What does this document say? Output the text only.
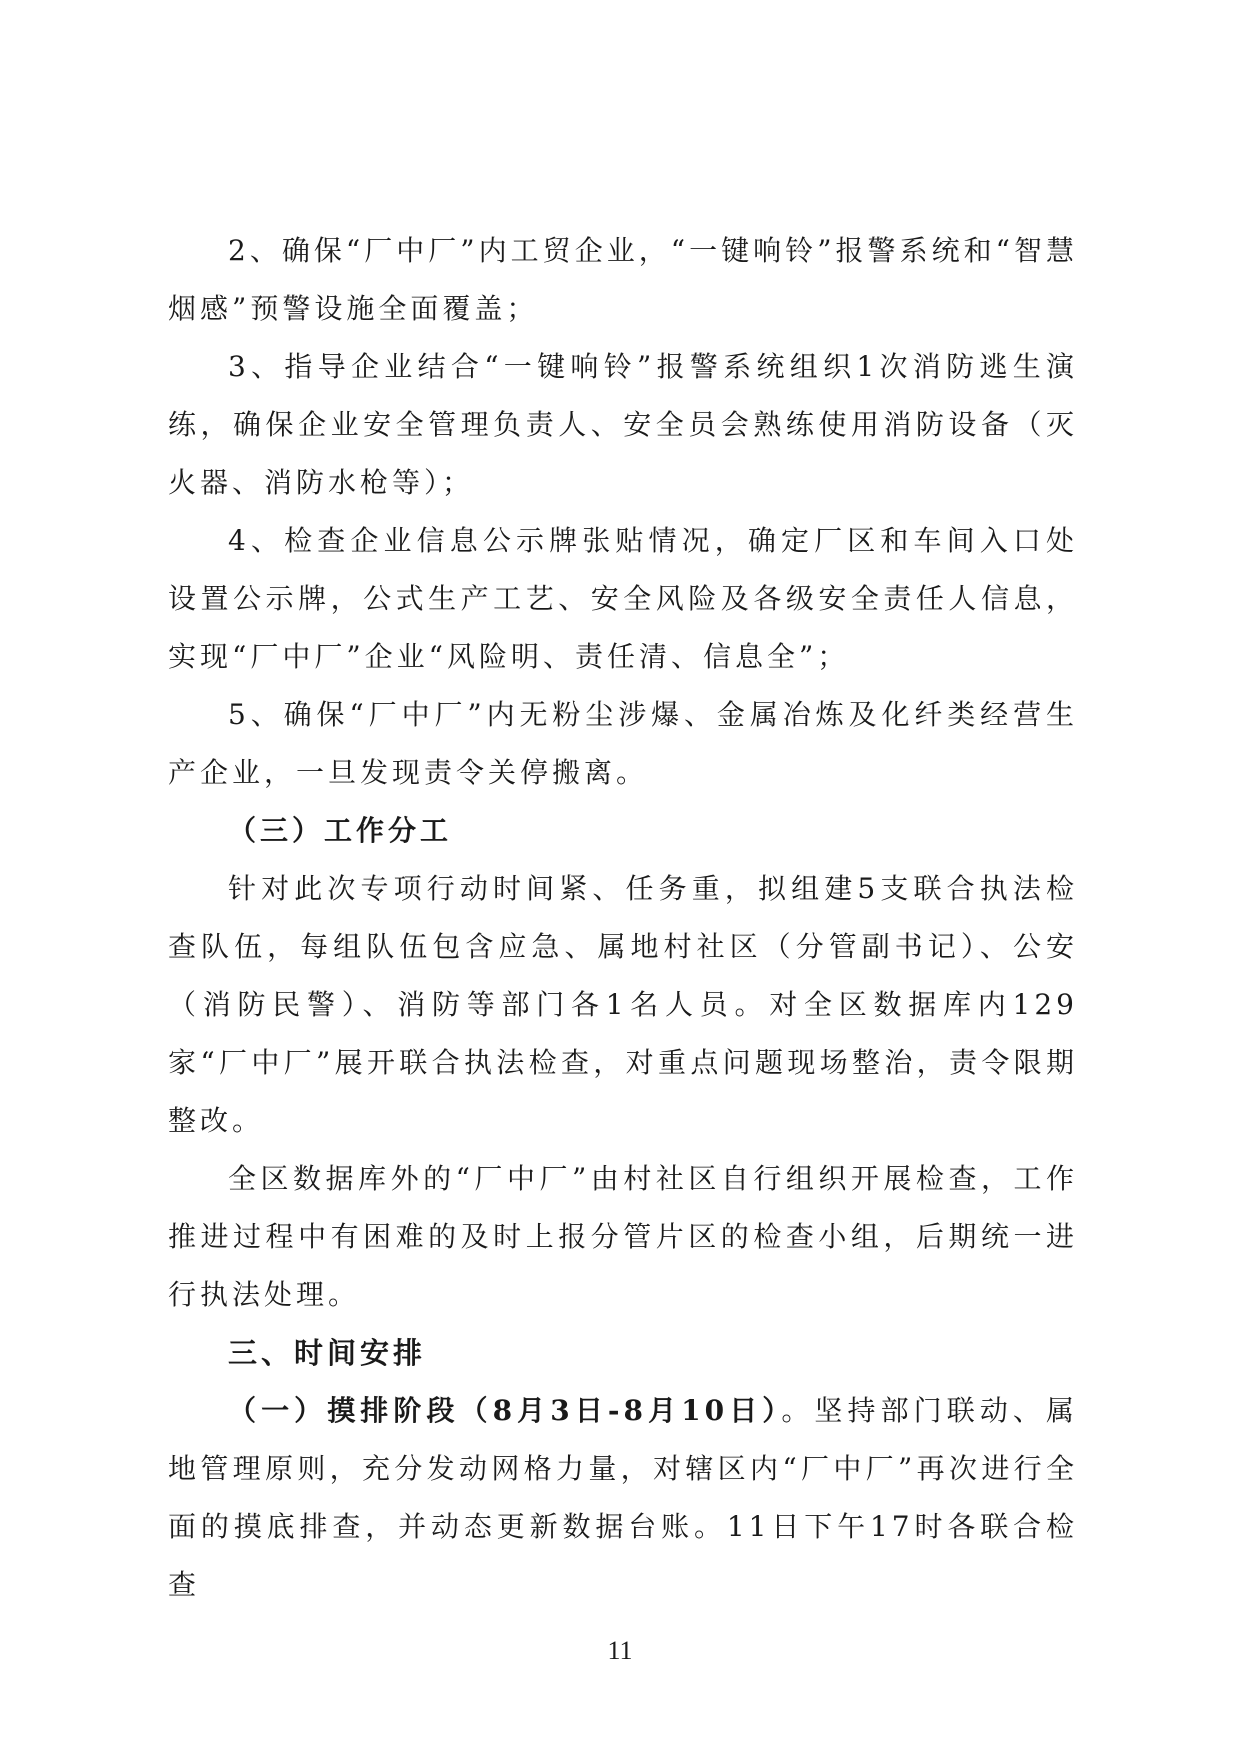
2、确保“厂中厂”内工贸企业，“一键响铃”报警系统和“智慧烟感”预警设施全面覆盖；

3、指导企业结合“一键响铃”报警系统组织1次消防逃生演练，确保企业安全管理负责人、安全员会熟练使用消防设备（灭火器、消防水枪等）；

4、检查企业信息公示牌张贴情况，确定厂区和车间入口处设置公示牌，公式生产工艺、安全风险及各级安全责任人信息，实现“厂中厂”企业“风险明、责任清、信息全”；

5、确保“厂中厂”内无粉尘涉爆、金属冶炼及化纤类经营生产企业，一旦发现责令关停搬离。

（三）工作分工

针对此次专项行动时间紧、任务重，拟组建5支联合执法检查队伍，每组队伍包含应急、属地村社区（分管副书记）、公安（消防民警）、消防等部门各1名人员。对全区数据库内129家“厂中厂”展开联合执法检查，对重点问题现场整治，责令限期整改。

全区数据库外的“厂中厂”由村社区自行组织开展检查，工作推进过程中有困难的及时上报分管片区的检查小组，后期统一进行执法处理。

三、时间安排

（一）摸排阶段（8月3日-8月10日）。坚持部门联动、属地管理原则，充分发动网格力量，对辖区内“厂中厂”再次进行全面的摸底排查，并动态更新数据台账。11日下午17时各联合检查

11
